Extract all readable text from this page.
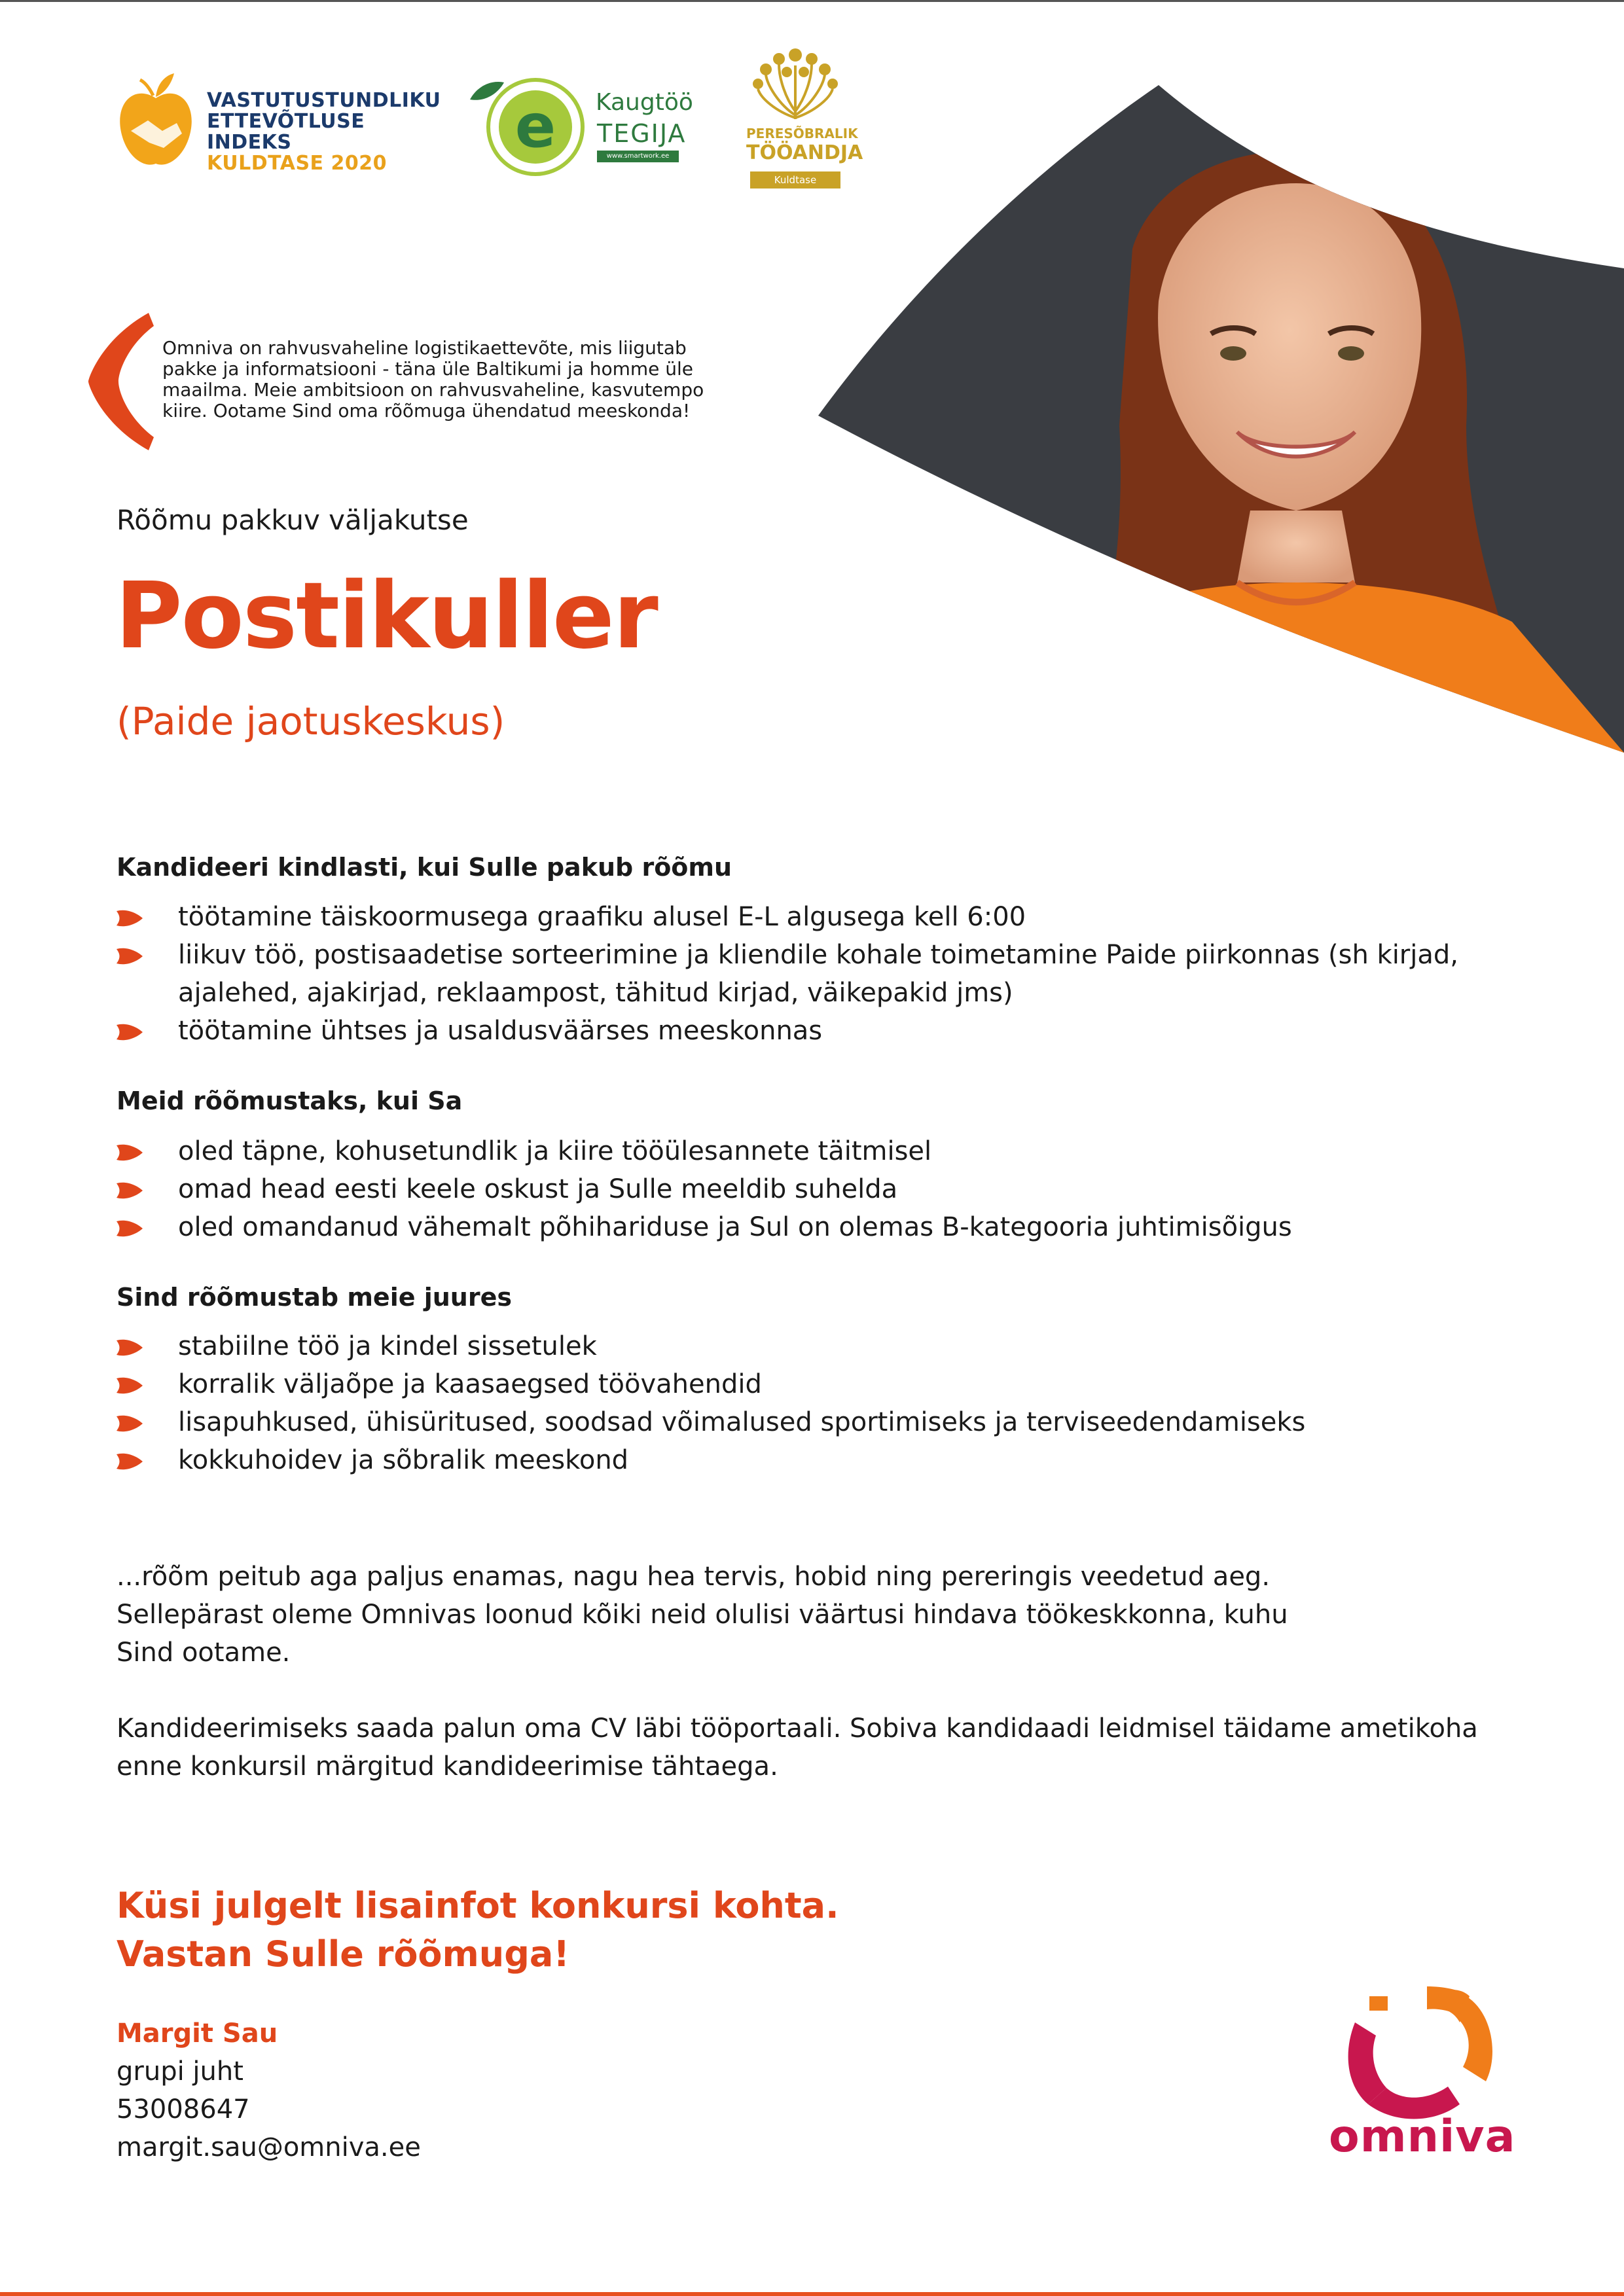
VASTUTUSTUNDLIKU
ETTEVÕTLUSE INDEKS
KULDTASE 2020
e Kaugtöö
TEGIJA
www.smartwork.ee
PERESÕBRALIK
TÖÖANDJA
Kuldtase
Omniva on rahvusvaheline logistikaettevõte, mis liigutab pakke ja informatsiooni - täna üle Baltikumi ja homme üle maailma. Meie ambitsioon on rahvusvaheline, kasvutempo kiire. Ootame Sind oma rõõmuga ühendatud meeskonda!
Rõõmu pakkuv väljakutse
Postikuller
(Paide jaotuskeskus)
Kandideeri kindlasti, kui Sulle pakub rõõmu
töötamine täiskoormusega graafiku alusel E-L algusega kell 6:00
liikuv töö, postisaadetise sorteerimine ja kliendile kohale toimetamine Paide piirkonnas (sh kirjad, ajalehed, ajakirjad, reklaampost, tähitud kirjad, väikepakid jms)
töötamine ühtses ja usaldusväärses meeskonnas
Meid rõõmustaks, kui Sa
oled täpne, kohusetundlik ja kiire tööülesannete täitmisel
omad head eesti keele oskust ja Sulle meeldib suhelda
oled omandanud vähemalt põhihariduse ja Sul on olemas B-kategooria juhtimisõigus
Sind rõõmustab meie juures
stabiilne töö ja kindel sissetulek
korralik väljaõpe ja kaasaegsed töövahendid
lisapuhkused, ühisüritused, soodsad võimalused sportimiseks ja terviseedendamiseks
kokkuhoidev ja sõbralik meeskond
...rõõm peitub aga paljus enamas, nagu hea tervis, hobid ning pereringis veedetud aeg. Sellepärast oleme Omnivas loonud kõiki neid olulisi väärtusi hindava töökeskkonna, kuhu Sind ootame.
Kandideerimiseks saada palun oma CV läbi tööportaali. Sobiva kandidaadi leidmisel täidame ametikoha enne konkursil märgitud kandideerimise tähtaega.
Küsi julgelt lisainfot konkursi kohta.
Vastan Sulle rõõmuga!
Margit Sau
grupi juht
53008647
margit.sau@omniva.ee	omniva
